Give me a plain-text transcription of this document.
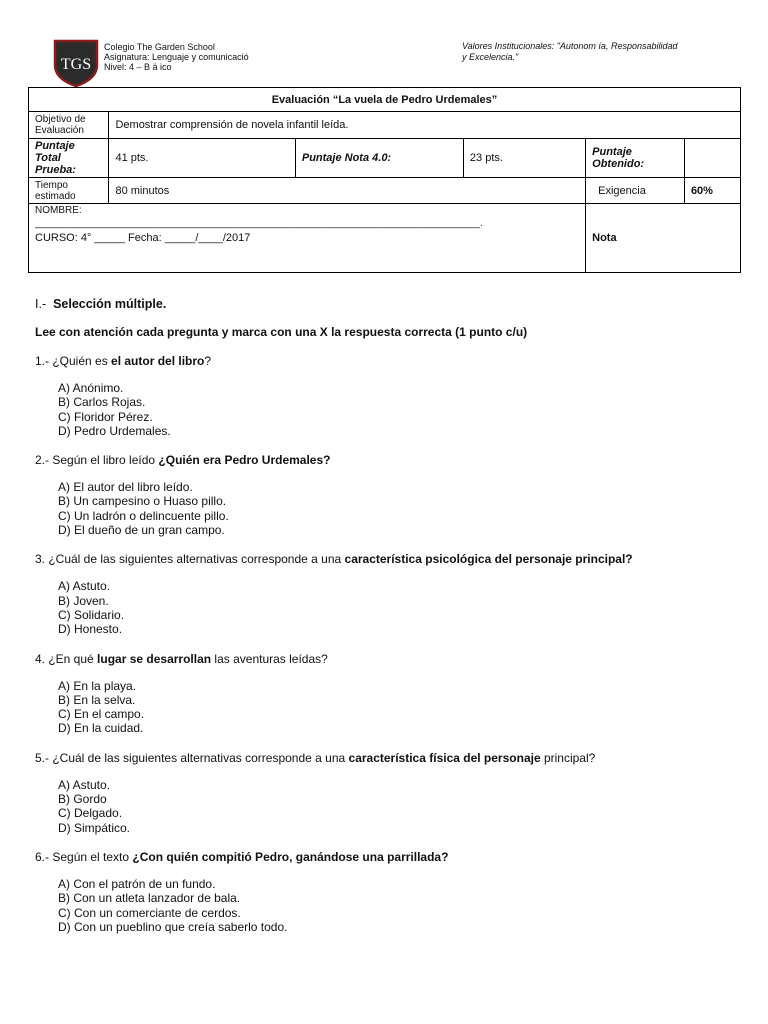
TGS
Colegio The Garden School
Asignatura: Lenguaje y comunicació
Nivel: 4 – B ä ico
Valores Institucionales: "Autonom ía, Responsabilidad
y Excelencia."
Evaluación “La vuela de Pedro Urdemales”					
Objetivo de Evaluación	Demostrar comprensión de novela infantil leída.				
Puntaje Total Prueba:	41 pts.	Puntaje Nota 4.0:	23 pts.	Puntaje Obtenido:	
Tiempo estimado	80 minutos			Exigencia	60%

NOMBRE:
________________________________________________________________________________.
CURSO: 4° _____ Fecha: _____/____/2017				Nota	
I.- Selección múltiple.
Lee con atención cada pregunta y marca con una X la respuesta correcta (1 punto c/u)
1.- ¿Quién es el autor del libro?
A) Anónimo.
B) Carlos Rojas.
C) Floridor Pérez.
D) Pedro Urdemales.
2.- Según el libro leído ¿Quién era Pedro Urdemales?
A) El autor del libro leído.
B) Un campesino o Huaso pillo.
C) Un ladrón o delincuente pillo.
D) El dueño de un gran campo.
3. ¿Cuál de las siguientes alternativas corresponde a una característica psicológica del personaje principal?
A) Astuto.
B) Joven.
C) Solidario.
D) Honesto.
4. ¿En qué lugar se desarrollan las aventuras leídas?
A) En la playa.
B) En la selva.
C) En el campo.
D) En la cuidad.
5.- ¿Cuál de las siguientes alternativas corresponde a una característica física del personaje principal?
A) Astuto.
B) Gordo
C) Delgado.
D) Simpático.
6.- Según el texto ¿Con quién compitió Pedro, ganándose una parrillada?
A) Con el patrón de un fundo.
B) Con un atleta lanzador de bala.
C) Con un comerciante de cerdos.
D) Con un pueblino que creía saberlo todo.
